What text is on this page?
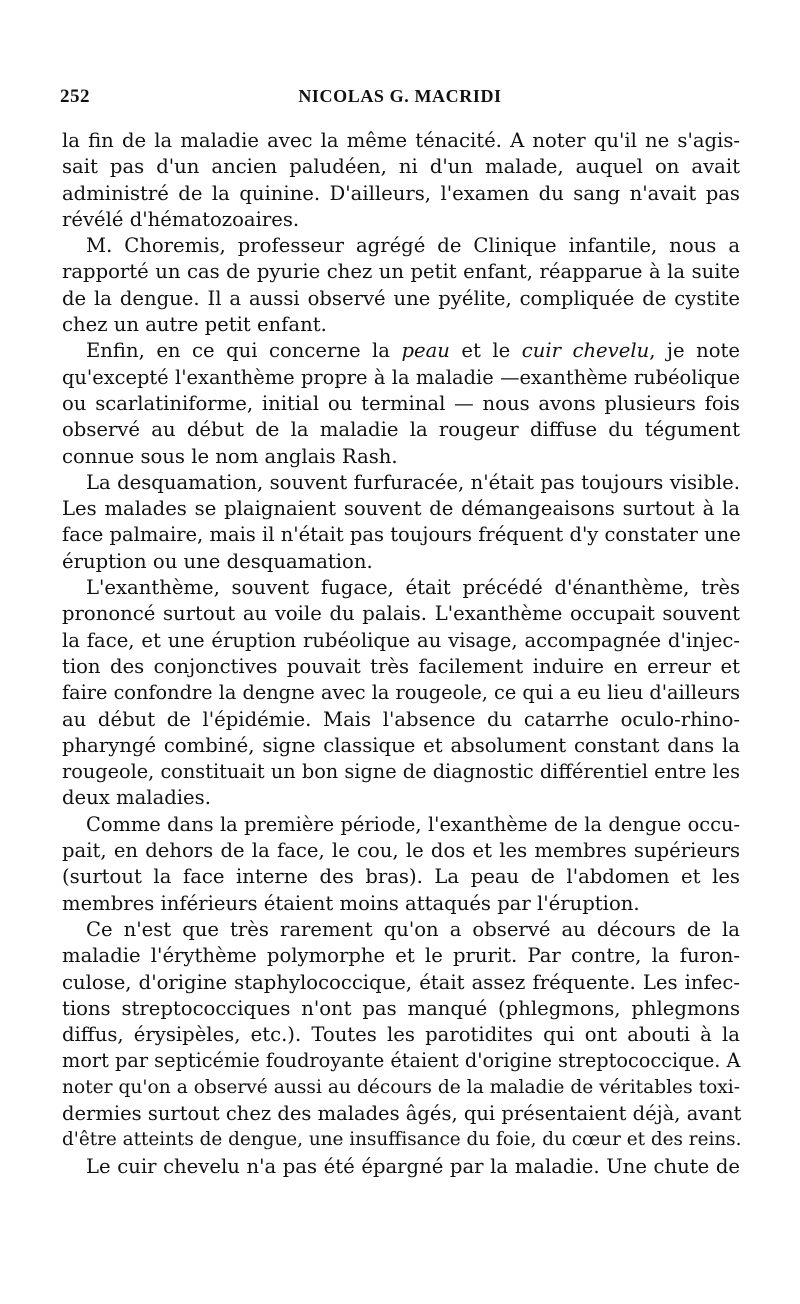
252	NICOLAS G. MACRIDI
la fin de la maladie avec la même ténacité. A noter qu'il ne s'agis-
sait pas d'un ancien paludéen, ni d'un malade, auquel on avait
administré de la quinine. D'ailleurs, l'examen du sang n'avait pas
révélé d'hématozoaires.
M. Choremis, professeur agrégé de Clinique infantile, nous a
rapporté un cas de pyurie chez un petit enfant, réapparue à la suite
de la dengue. Il a aussi observé une pyélite, compliquée de cystite
chez un autre petit enfant.
Enfin, en ce qui concerne la peau et le cuir chevelu, je note
qu'excepté l'exanthème propre à la maladie —exanthème rubéolique
ou scarlatiniforme, initial ou terminal — nous avons plusieurs fois
observé au début de la maladie la rougeur diffuse du tégument
connue sous le nom anglais Rash.
La desquamation, souvent furfuracée, n'était pas toujours visible.
Les malades se plaignaient souvent de démangeaisons surtout à la
face palmaire, mais il n'était pas toujours fréquent d'y constater une
éruption ou une desquamation.
L'exanthème, souvent fugace, était précédé d'énanthème, très
prononcé surtout au voile du palais. L'exanthème occupait souvent
la face, et une éruption rubéolique au visage, accompagnée d'injec-
tion des conjonctives pouvait très facilement induire en erreur et
faire confondre la dengne avec la rougeole, ce qui a eu lieu d'ailleurs
au début de l'épidémie. Mais l'absence du catarrhe oculo-rhino-
pharyngé combiné, signe classique et absolument constant dans la
rougeole, constituait un bon signe de diagnostic différentiel entre les
deux maladies.
Comme dans la première période, l'exanthème de la dengue occu-
pait, en dehors de la face, le cou, le dos et les membres supérieurs
(surtout la face interne des bras). La peau de l'abdomen et les
membres inférieurs étaient moins attaqués par l'éruption.
Ce n'est que très rarement qu'on a observé au décours de la
maladie l'érythème polymorphe et le prurit. Par contre, la furon-
culose, d'origine staphylococcique, était assez fréquente. Les infec-
tions streptococciques n'ont pas manqué (phlegmons, phlegmons
diffus, érysipèles, etc.). Toutes les parotidites qui ont abouti à la
mort par septicémie foudroyante étaient d'origine streptococcique. A
noter qu'on a observé aussi au décours de la maladie de véritables toxi-
dermies surtout chez des malades âgés, qui présentaient déjà, avant
d'être atteints de dengue, une insuffisance du foie, du cœur et des reins.
Le cuir chevelu n'a pas été épargné par la maladie. Une chute de
